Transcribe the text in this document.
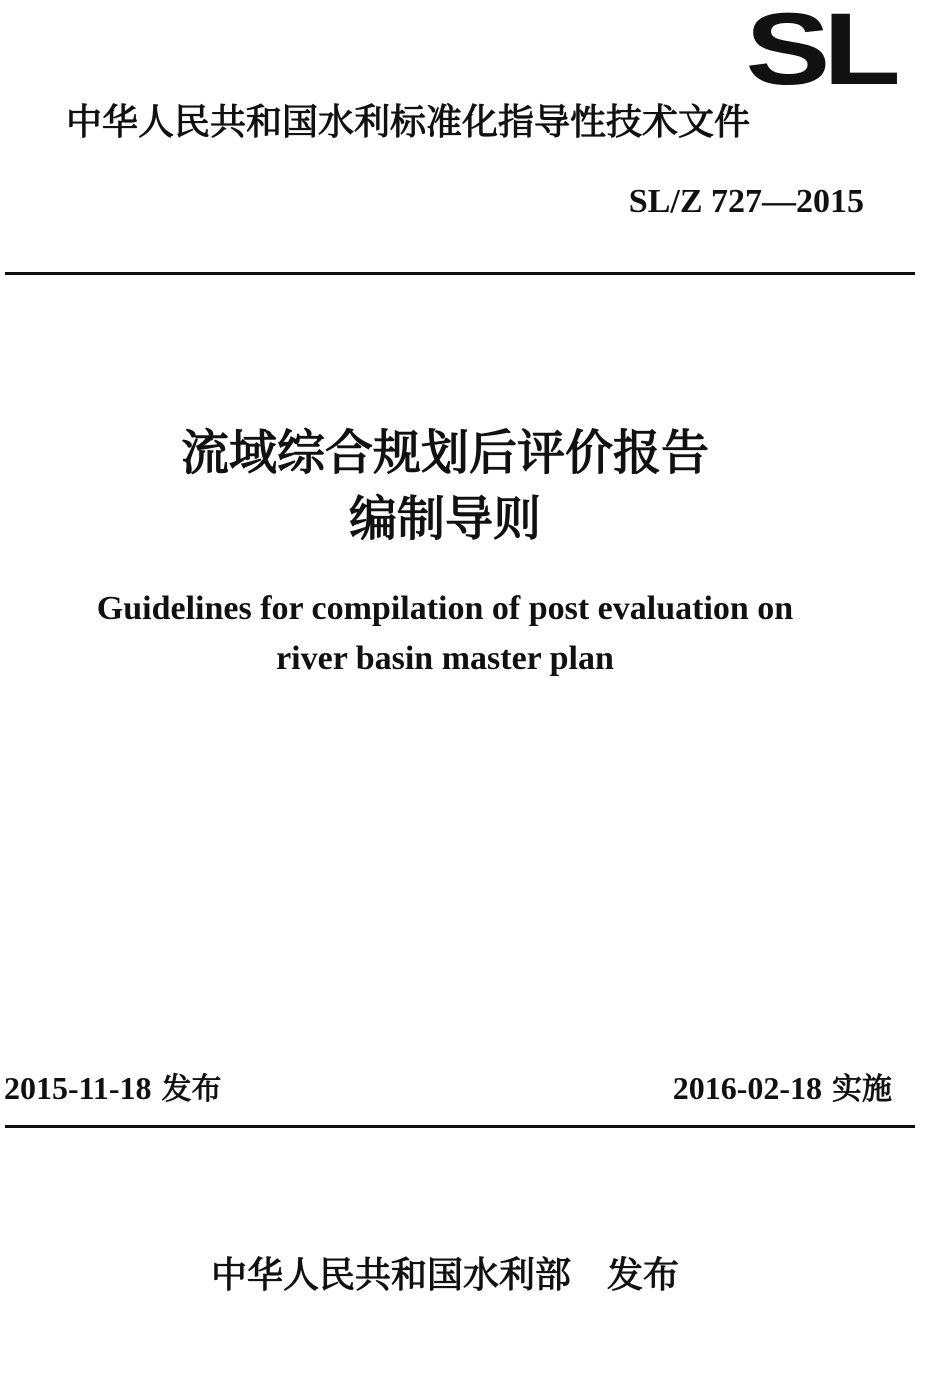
SL
中华人民共和国水利标准化指导性技术文件
SL/Z 727—2015
流域综合规划后评价报告
编制导则
Guidelines for compilation of post evaluation on
river basin master plan
2015-11-18 发布	2016-02-18 实施
中华人民共和国水利部 发布
